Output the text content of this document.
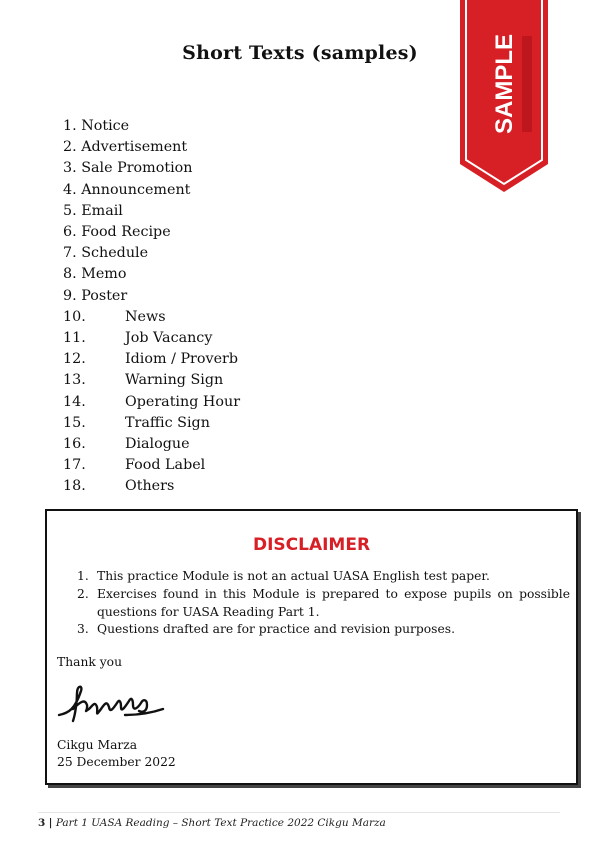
Short Texts (samples)	SAMPLE
1. Notice
2. Advertisement
3. Sale Promotion
4. Announcement
5. Email
6. Food Recipe
7. Schedule
8. Memo
9. Poster
10.	News
11.	Job Vacancy
12.	Idiom / Proverb
13.	Warning Sign
14.	Operating Hour
15.	Traffic Sign
16.	Dialogue
17.	Food Label
18.	Others
DISCLAIMER
1. This practice Module is not an actual UASA English test paper.
2. Exercises found in this Module is prepared to expose pupils on possible questions for UASA Reading Part 1.
3. Questions drafted are for practice and revision purposes.
Thank you
Cikgu Marza
25 December 2022
3 | Part 1 UASA Reading – Short Text Practice 2022 Cikgu Marza
